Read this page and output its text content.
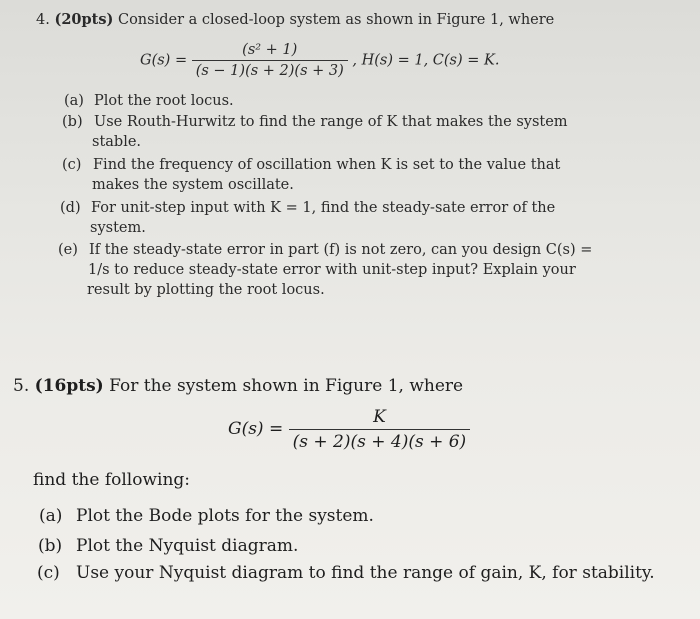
4. (20pts) Consider a closed-loop system as shown in Figure 1, where
$G(s) = \frac{\text{(s² + 1)}}{(s - 1)(s + 2)(s + 3)}$ , H(s) = 1, C(s) = K.
(a) Plot the root locus.
(b) Use Routh-Hurwitz to find the range of K that makes the system
stable.
(c) Find the frequency of oscillation when K is set to the value that
makes the system oscillate.
(d) For unit-step input with K = 1, find the steady-sate error of the
system.
(e) If the steady-state error in part (f) is not zero, can you design C(s) =
1/s to reduce steady-state error with unit-step input? Explain your
result by plotting the root locus.
5. (16pts) For the system shown in Figure 1, where
$G(s) = \frac{K}{(s + 2)(s + 4)(s + 6)}$
find the following:
(a) Plot the Bode plots for the system.
(b) Plot the Nyquist diagram.
(c) Use your Nyquist diagram to find the range of gain, K, for stability.
